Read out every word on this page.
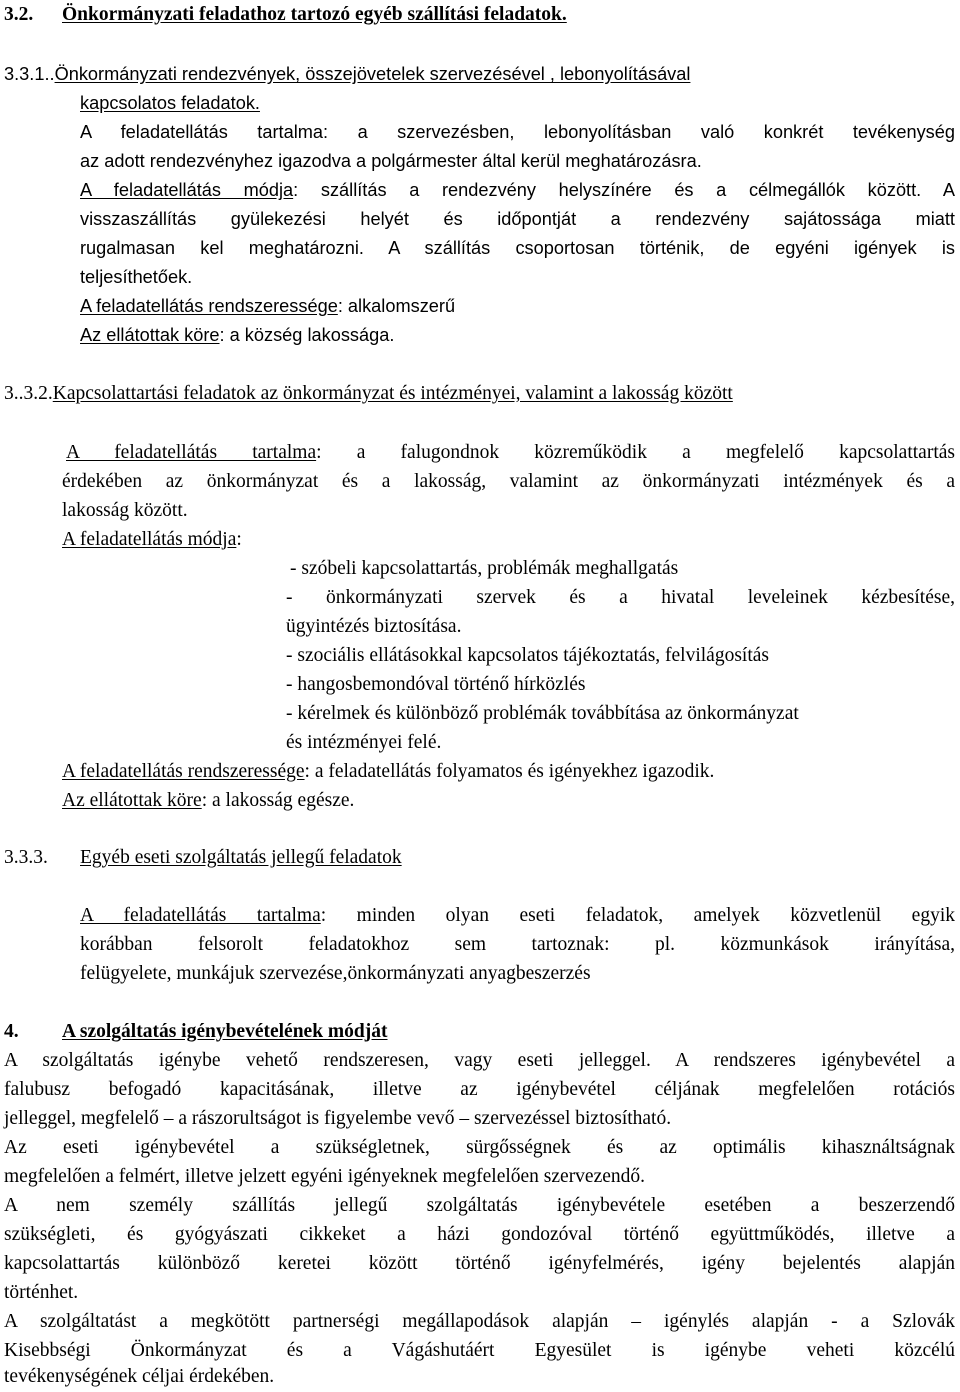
3.2. Önkormányzati feladathoz tartozó egyéb szállítási feladatok.
3.3.1..Önkormányzati rendezvények, összejövetelek szervezésével , lebonyolításával
kapcsolatos feladatok.
A feladatellátás tartalma: a szervezésben, lebonyolításban való konkrét tevékenység
az adott rendezvényhez igazodva a polgármester által kerül meghatározásra.
A feladatellátás módja: szállítás a rendezvény helyszínére és a célmegállók között. A
visszaszállítás gyülekezési helyét és időpontját a rendezvény sajátossága miatt
rugalmasan kel meghatározni. A szállítás csoportosan történik, de egyéni igények is
teljesíthetőek.
A feladatellátás rendszeressége: alkalomszerű
Az ellátottak köre: a község lakossága.
3..3.2.Kapcsolattartási feladatok az önkormányzat és intézményei, valamint a lakosság között
A feladatellátás tartalma: a falugondnok közreműködik a megfelelő kapcsolattartás
érdekében az önkormányzat és a lakosság, valamint az önkormányzati intézmények és a
lakosság között.
A feladatellátás módja:
- szóbeli kapcsolattartás, problémák meghallgatás
- önkormányzati szervek és a hivatal leveleinek kézbesítése,
ügyintézés biztosítása.
- szociális ellátásokkal kapcsolatos tájékoztatás, felvilágosítás
- hangosbemondóval történő hírközlés
- kérelmek és különböző problémák továbbítása az önkormányzat
és intézményei felé.
A feladatellátás rendszeressége: a feladatellátás folyamatos és igényekhez igazodik.
Az ellátottak köre: a lakosság egésze.
3.3.3. Egyéb eseti szolgáltatás jellegű feladatok
A feladatellátás tartalma: minden olyan eseti feladatok, amelyek közvetlenül egyik
korábban felsorolt feladatokhoz sem tartoznak: pl. közmunkások irányítása,
felügyelete, munkájuk szervezése,önkormányzati anyagbeszerzés
4. A szolgáltatás igénybevételének módját
A szolgáltatás igénybe vehető rendszeresen, vagy eseti jelleggel. A rendszeres igénybevétel a
falubusz befogadó kapacitásának, illetve az igénybevétel céljának megfelelően rotációs
jelleggel, megfelelő – a rászorultságot is figyelembe vevő – szervezéssel biztosítható.
Az eseti igénybevétel a szükségletnek, sürgősségnek és az optimális kihasználtságnak
megfelelően a felmért, illetve jelzett egyéni igényeknek megfelelően szervezendő.
A nem személy szállítás jellegű szolgáltatás igénybevétele esetében a beszerzendő
szükségleti, és gyógyászati cikkeket a házi gondozóval történő együttműködés, illetve a
kapcsolattartás különböző keretei között történő igényfelmérés, igény bejelentés alapján
történhet.
A szolgáltatást a megkötött partnerségi megállapodások alapján – igénylés alapján - a Szlovák
Kisebbségi Önkormányzat és a Vágáshutáért Egyesület is igénybe veheti közcélú
tevékenységének céljai érdekében.
